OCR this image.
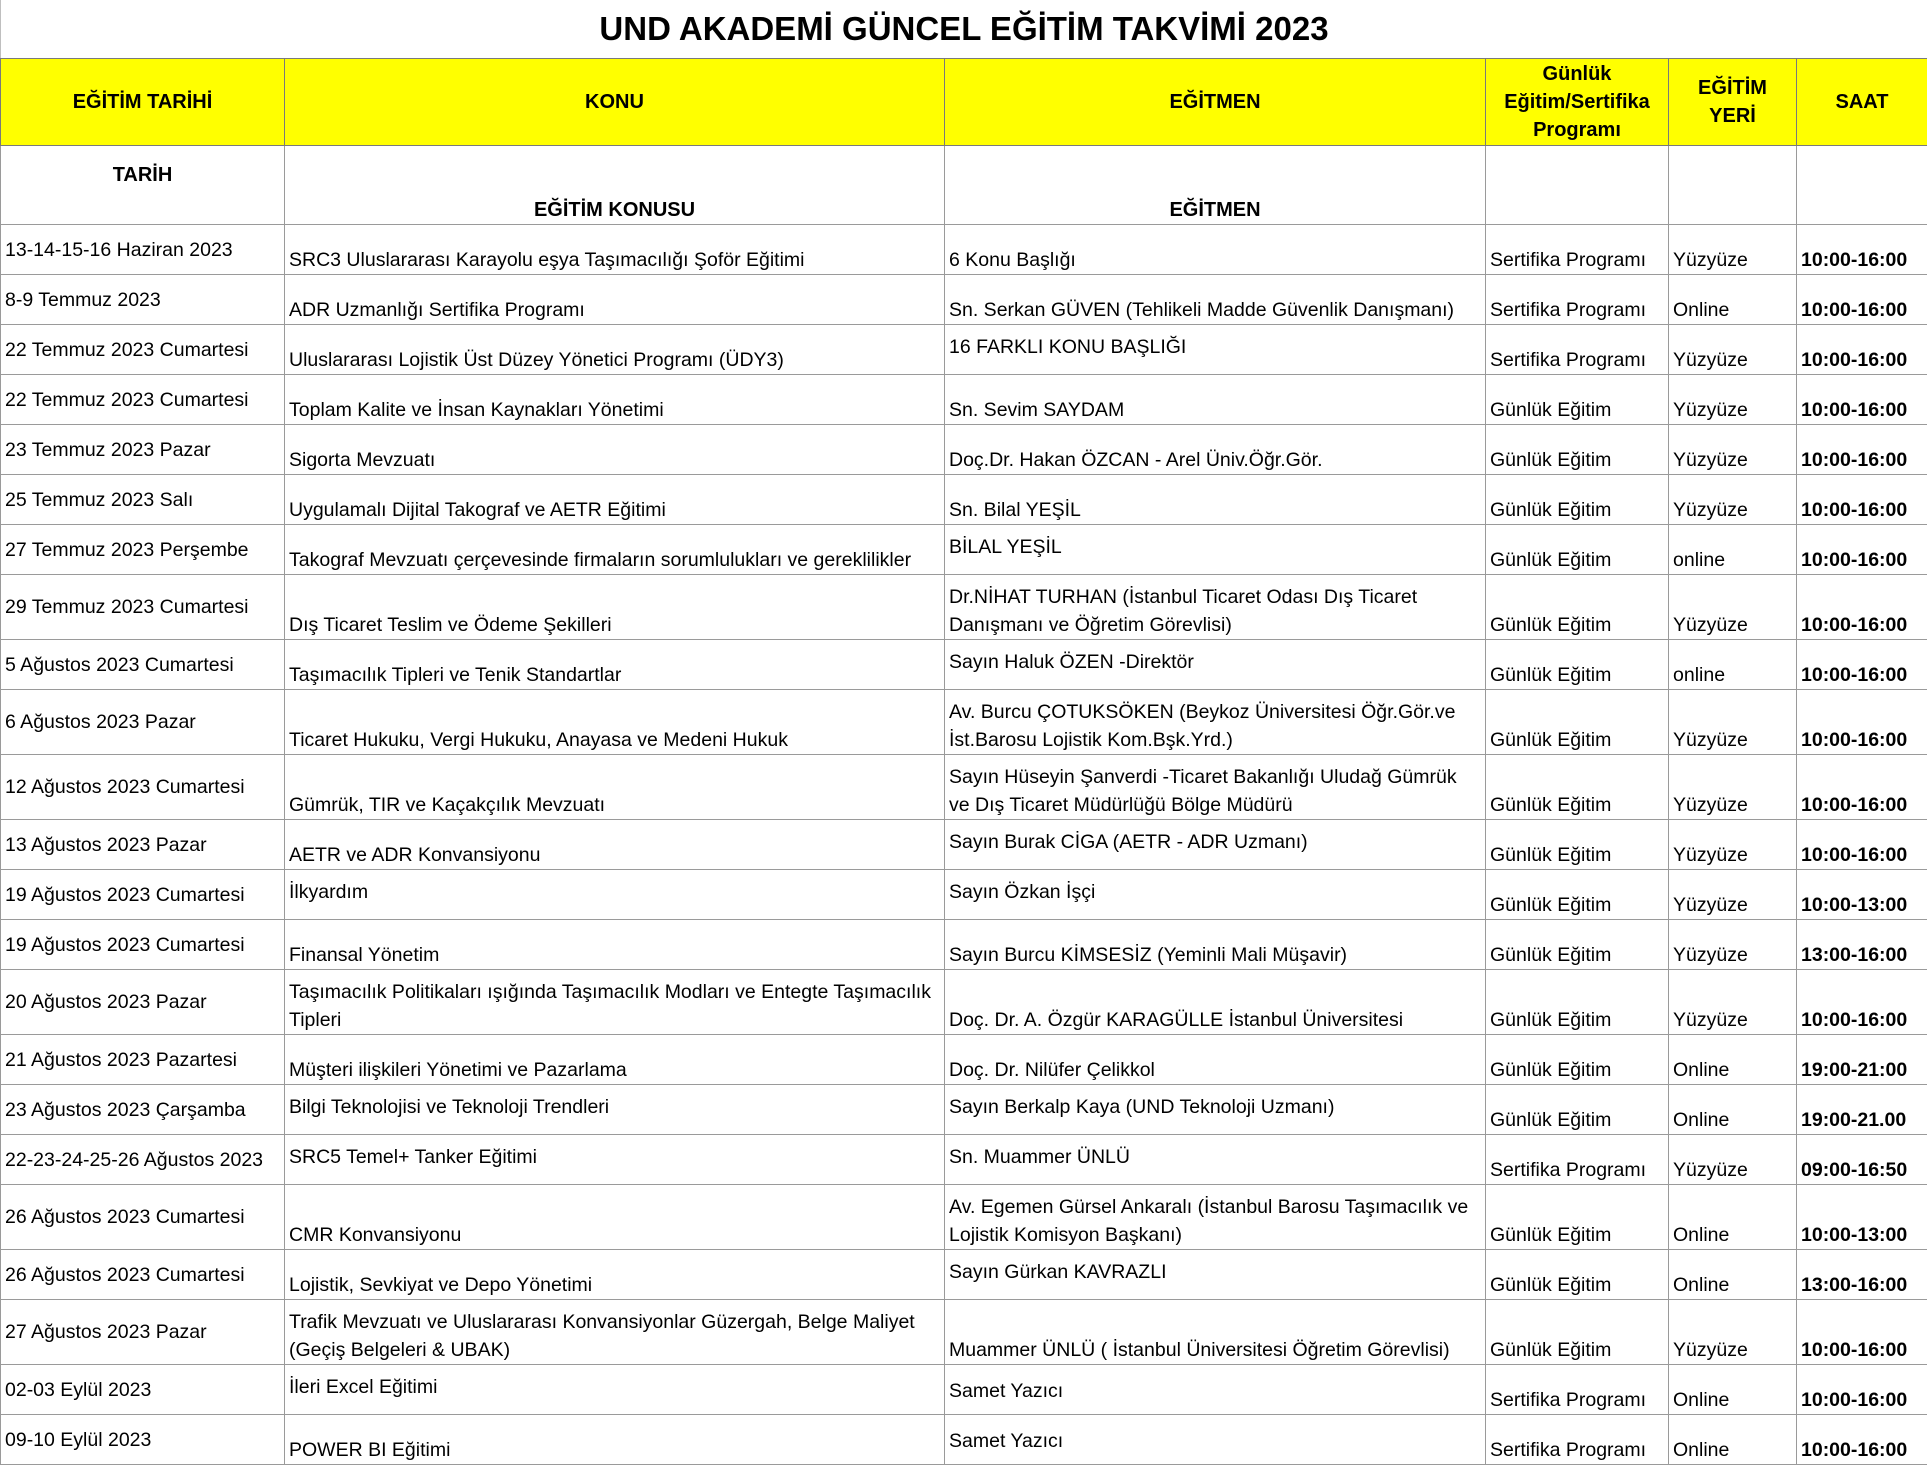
UND AKADEMİ GÜNCEL EĞİTİM TAKVİMİ 2023
EĞİTİM TARİHİ	KONU	EĞİTMEN	Günlük Eğitim/Sertifika Programı	EĞİTİM YERİ	SAAT
TARİH	EĞİTİM KONUSU	EĞİTMEN			
13-14-15-16 Haziran 2023	SRC3 Uluslararası Karayolu eşya Taşımacılığı Şoför Eğitimi	6 Konu Başlığı	Sertifika Programı	Yüzyüze	10:00-16:00
8-9 Temmuz 2023	ADR Uzmanlığı Sertifika Programı	Sn. Serkan GÜVEN (Tehlikeli Madde Güvenlik Danışmanı)	Sertifika Programı	Online	10:00-16:00
22 Temmuz 2023 Cumartesi	Uluslararası Lojistik Üst Düzey Yönetici Programı (ÜDY3)	16 FARKLI KONU BAŞLIĞI	Sertifika Programı	Yüzyüze	10:00-16:00
22 Temmuz 2023 Cumartesi	Toplam Kalite ve İnsan Kaynakları Yönetimi	Sn. Sevim SAYDAM	Günlük Eğitim	Yüzyüze	10:00-16:00
23 Temmuz 2023 Pazar	Sigorta Mevzuatı	Doç.Dr. Hakan ÖZCAN - Arel Üniv.Öğr.Gör.	Günlük Eğitim	Yüzyüze	10:00-16:00
25 Temmuz 2023 Salı	Uygulamalı Dijital Takograf ve AETR Eğitimi	Sn. Bilal YEŞİL	Günlük Eğitim	Yüzyüze	10:00-16:00
27 Temmuz 2023 Perşembe	Takograf Mevzuatı çerçevesinde firmaların sorumlulukları ve gereklilikler	BİLAL YEŞİL	Günlük Eğitim	online	10:00-16:00
29 Temmuz 2023 Cumartesi	Dış Ticaret Teslim ve Ödeme Şekilleri	Dr.NİHAT TURHAN (İstanbul Ticaret Odası Dış Ticaret Danışmanı ve Öğretim Görevlisi)	Günlük Eğitim	Yüzyüze	10:00-16:00
5 Ağustos 2023 Cumartesi	Taşımacılık Tipleri ve Tenik Standartlar	Sayın Haluk ÖZEN -Direktör	Günlük Eğitim	online	10:00-16:00
6 Ağustos 2023 Pazar	Ticaret Hukuku, Vergi Hukuku, Anayasa ve Medeni Hukuk	Av. Burcu ÇOTUKSÖKEN (Beykoz Üniversitesi Öğr.Gör.ve İst.Barosu Lojistik Kom.Bşk.Yrd.)	Günlük Eğitim	Yüzyüze	10:00-16:00
12 Ağustos 2023 Cumartesi	Gümrük, TIR ve Kaçakçılık Mevzuatı	Sayın Hüseyin Şanverdi -Ticaret Bakanlığı Uludağ Gümrük ve Dış Ticaret Müdürlüğü Bölge Müdürü	Günlük Eğitim	Yüzyüze	10:00-16:00
13 Ağustos 2023 Pazar	AETR ve ADR Konvansiyonu	Sayın Burak CİGA (AETR - ADR Uzmanı)	Günlük Eğitim	Yüzyüze	10:00-16:00
19 Ağustos 2023 Cumartesi	İlkyardım	Sayın Özkan İşçi	Günlük Eğitim	Yüzyüze	10:00-13:00
19 Ağustos 2023 Cumartesi	Finansal Yönetim	Sayın Burcu KİMSESİZ (Yeminli Mali Müşavir)	Günlük Eğitim	Yüzyüze	13:00-16:00
20 Ağustos 2023 Pazar	Taşımacılık Politikaları ışığında Taşımacılık Modları ve Entegte Taşımacılık Tipleri	Doç. Dr. A. Özgür KARAGÜLLE İstanbul Üniversitesi	Günlük Eğitim	Yüzyüze	10:00-16:00
21 Ağustos 2023 Pazartesi	Müşteri ilişkileri Yönetimi ve Pazarlama	Doç. Dr. Nilüfer Çelikkol	Günlük Eğitim	Online	19:00-21:00
23 Ağustos 2023 Çarşamba	Bilgi Teknolojisi ve Teknoloji Trendleri	Sayın Berkalp Kaya (UND Teknoloji Uzmanı)	Günlük Eğitim	Online	19:00-21.00
22-23-24-25-26 Ağustos 2023	SRC5 Temel+ Tanker Eğitimi	Sn. Muammer ÜNLÜ	Sertifika Programı	Yüzyüze	09:00-16:50
26 Ağustos 2023 Cumartesi	CMR Konvansiyonu	Av. Egemen Gürsel Ankaralı (İstanbul Barosu Taşımacılık ve Lojistik Komisyon Başkanı)	Günlük Eğitim	Online	10:00-13:00
26 Ağustos 2023 Cumartesi	Lojistik, Sevkiyat ve Depo Yönetimi	Sayın Gürkan KAVRAZLI	Günlük Eğitim	Online	13:00-16:00
27 Ağustos 2023 Pazar	Trafik Mevzuatı ve Uluslararası Konvansiyonlar Güzergah, Belge Maliyet (Geçiş Belgeleri & UBAK)	Muammer ÜNLÜ ( İstanbul Üniversitesi Öğretim Görevlisi)	Günlük Eğitim	Yüzyüze	10:00-16:00
02-03 Eylül 2023	İleri Excel Eğitimi	Samet Yazıcı	Sertifika Programı	Online	10:00-16:00
09-10 Eylül 2023	POWER BI Eğitimi	Samet Yazıcı	Sertifika Programı	Online	10:00-16:00
